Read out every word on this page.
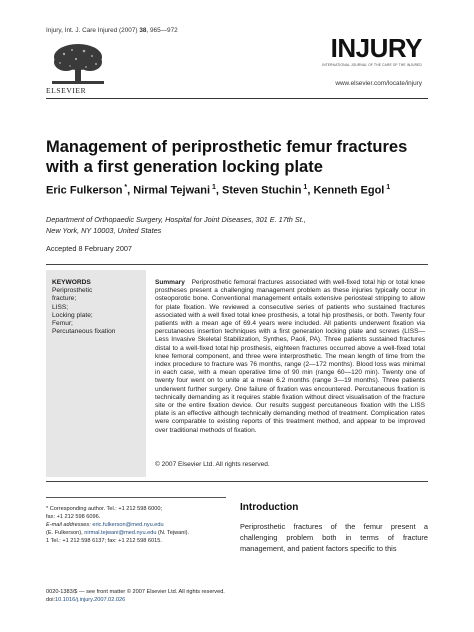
Injury, Int. J. Care Injured (2007) 38, 965—972
ELSEVIER
INJURY
INTERNATIONAL JOURNAL OF THE CARE OF THE INJURED
www.elsevier.com/locate/injury
Management of periprosthetic femur fractures with a first generation locking plate
Eric Fulkerson *, Nirmal Tejwani $^1$, Steven Stuchin $^1$, Kenneth Egol $^1$
Department of Orthopaedic Surgery, Hospital for Joint Diseases, 301 E. 17th St.,
New York, NY 10003, United States
Accepted 8 February 2007
KEYWORDS
Periprosthetic
fracture;
LISS;
Locking plate;
Femur;
Percutaneous fixation
Summary Periprosthetic femoral fractures associated with well-fixed total hip or total knee prostheses present a challenging management problem as these injuries typically occur in osteoporotic bone. Conventional management entails extensive periosteal stripping to allow for plate fixation. We reviewed a consecutive series of patients who sustained fractures associated with a well fixed total knee prosthesis, a total hip prosthesis, or both. Twenty four patients with a mean age of 69.4 years were included. All patients underwent fixation via percutaneous insertion techniques with a first generation locking plate and screws (LISS—Less Invasive Skeletal Stabilization, Synthes, Paoli, PA). Three patients sustained fractures distal to a well-fixed total hip prosthesis, eighteen fractures occurred above a well-fixed total knee femoral component, and three were interprosthetic. The mean length of time from the index procedure to fracture was 76 months, range (2—172 months). Blood loss was minimal in each case, with a mean operative time of 90 min (range 60—120 min). Twenty one of twenty four went on to unite at a mean 6.2 months (range 3—19 months). Three patients underwent further surgery. One failure of fixation was encountered. Percutaneous fixation is technically demanding as it requires stable fixation without direct visualisation of the fracture site or the entire fixation device. Our results suggest percutaneous fixation with the LISS plate is an effective although technically demanding method of treatment. Complication rates were comparable to existing reports of this treatment method, and appear to be improved over traditional methods of fixation.
© 2007 Elsevier Ltd. All rights reserved.
* Corresponding author. Tel.: +1 212 598 6000;
fax: +1 212 598 6096.
E-mail addresses: eric.fulkerson@med.nyu.edu
(E. Fulkerson), nirmal.tejwani@med.nyu.edu (N. Tejwani).
1 Tel.: +1 212 598 6137; fax: +1 212 598 6015.
Introduction

Periprosthetic fractures of the femur present a challenging problem both in terms of fracture management, and patient factors specific to this

0020-1383/$ — see front matter © 2007 Elsevier Ltd. All rights reserved.
doi:10.1016/j.injury.2007.02.026
